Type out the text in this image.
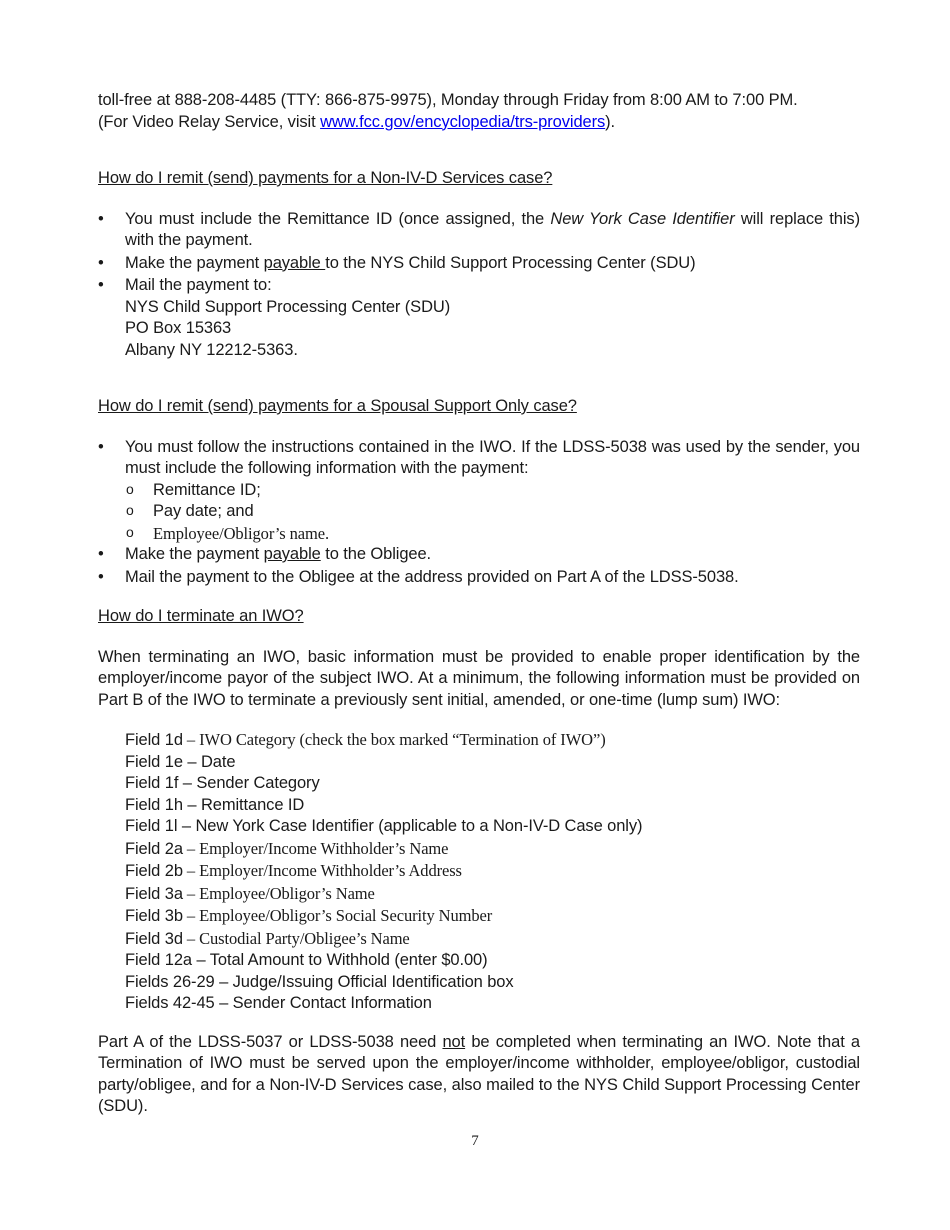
toll-free at 888-208-4485 (TTY: 866-875-9975), Monday through Friday from 8:00 AM to 7:00 PM.
(For Video Relay Service, visit www.fcc.gov/encyclopedia/trs-providers).

How do I remit (send) payments for a Non-IV-D Services case?
• You must include the Remittance ID (once assigned, the New York Case Identifier will replace this) with the payment.
• Make the payment payable to the NYS Child Support Processing Center (SDU)
• Mail the payment to:
NYS Child Support Processing Center (SDU)
PO Box 15363
Albany NY 12212-5363.
How do I remit (send) payments for a Spousal Support Only case?
• You must follow the instructions contained in the IWO. If the LDSS-5038 was used by the sender, you must include the following information with the payment:
o Remittance ID;
o Pay date; and
o Employee/Obligor’s name.
• Make the payment payable to the Obligee.
• Mail the payment to the Obligee at the address provided on Part A of the LDSS-5038.
How do I terminate an IWO?

When terminating an IWO, basic information must be provided to enable proper identification by the employer/income payor of the subject IWO. At a minimum, the following information must be provided on Part B of the IWO to terminate a previously sent initial, amended, or one-time (lump sum) IWO:

Field 1d – IWO Category (check the box marked “Termination of IWO”)
Field 1e – Date
Field 1f – Sender Category
Field 1h – Remittance ID
Field 1l – New York Case Identifier (applicable to a Non-IV-D Case only)
Field 2a – Employer/Income Withholder’s Name
Field 2b – Employer/Income Withholder’s Address
Field 3a – Employee/Obligor’s Name
Field 3b – Employee/Obligor’s Social Security Number
Field 3d – Custodial Party/Obligee’s Name
Field 12a – Total Amount to Withhold (enter $0.00)
Fields 26-29 – Judge/Issuing Official Identification box
Fields 42-45 – Sender Contact Information

Part A of the LDSS-5037 or LDSS-5038 need not be completed when terminating an IWO. Note that a Termination of IWO must be served upon the employer/income withholder, employee/obligor, custodial party/obligee, and for a Non-IV-D Services case, also mailed to the NYS Child Support Processing Center (SDU).

7
